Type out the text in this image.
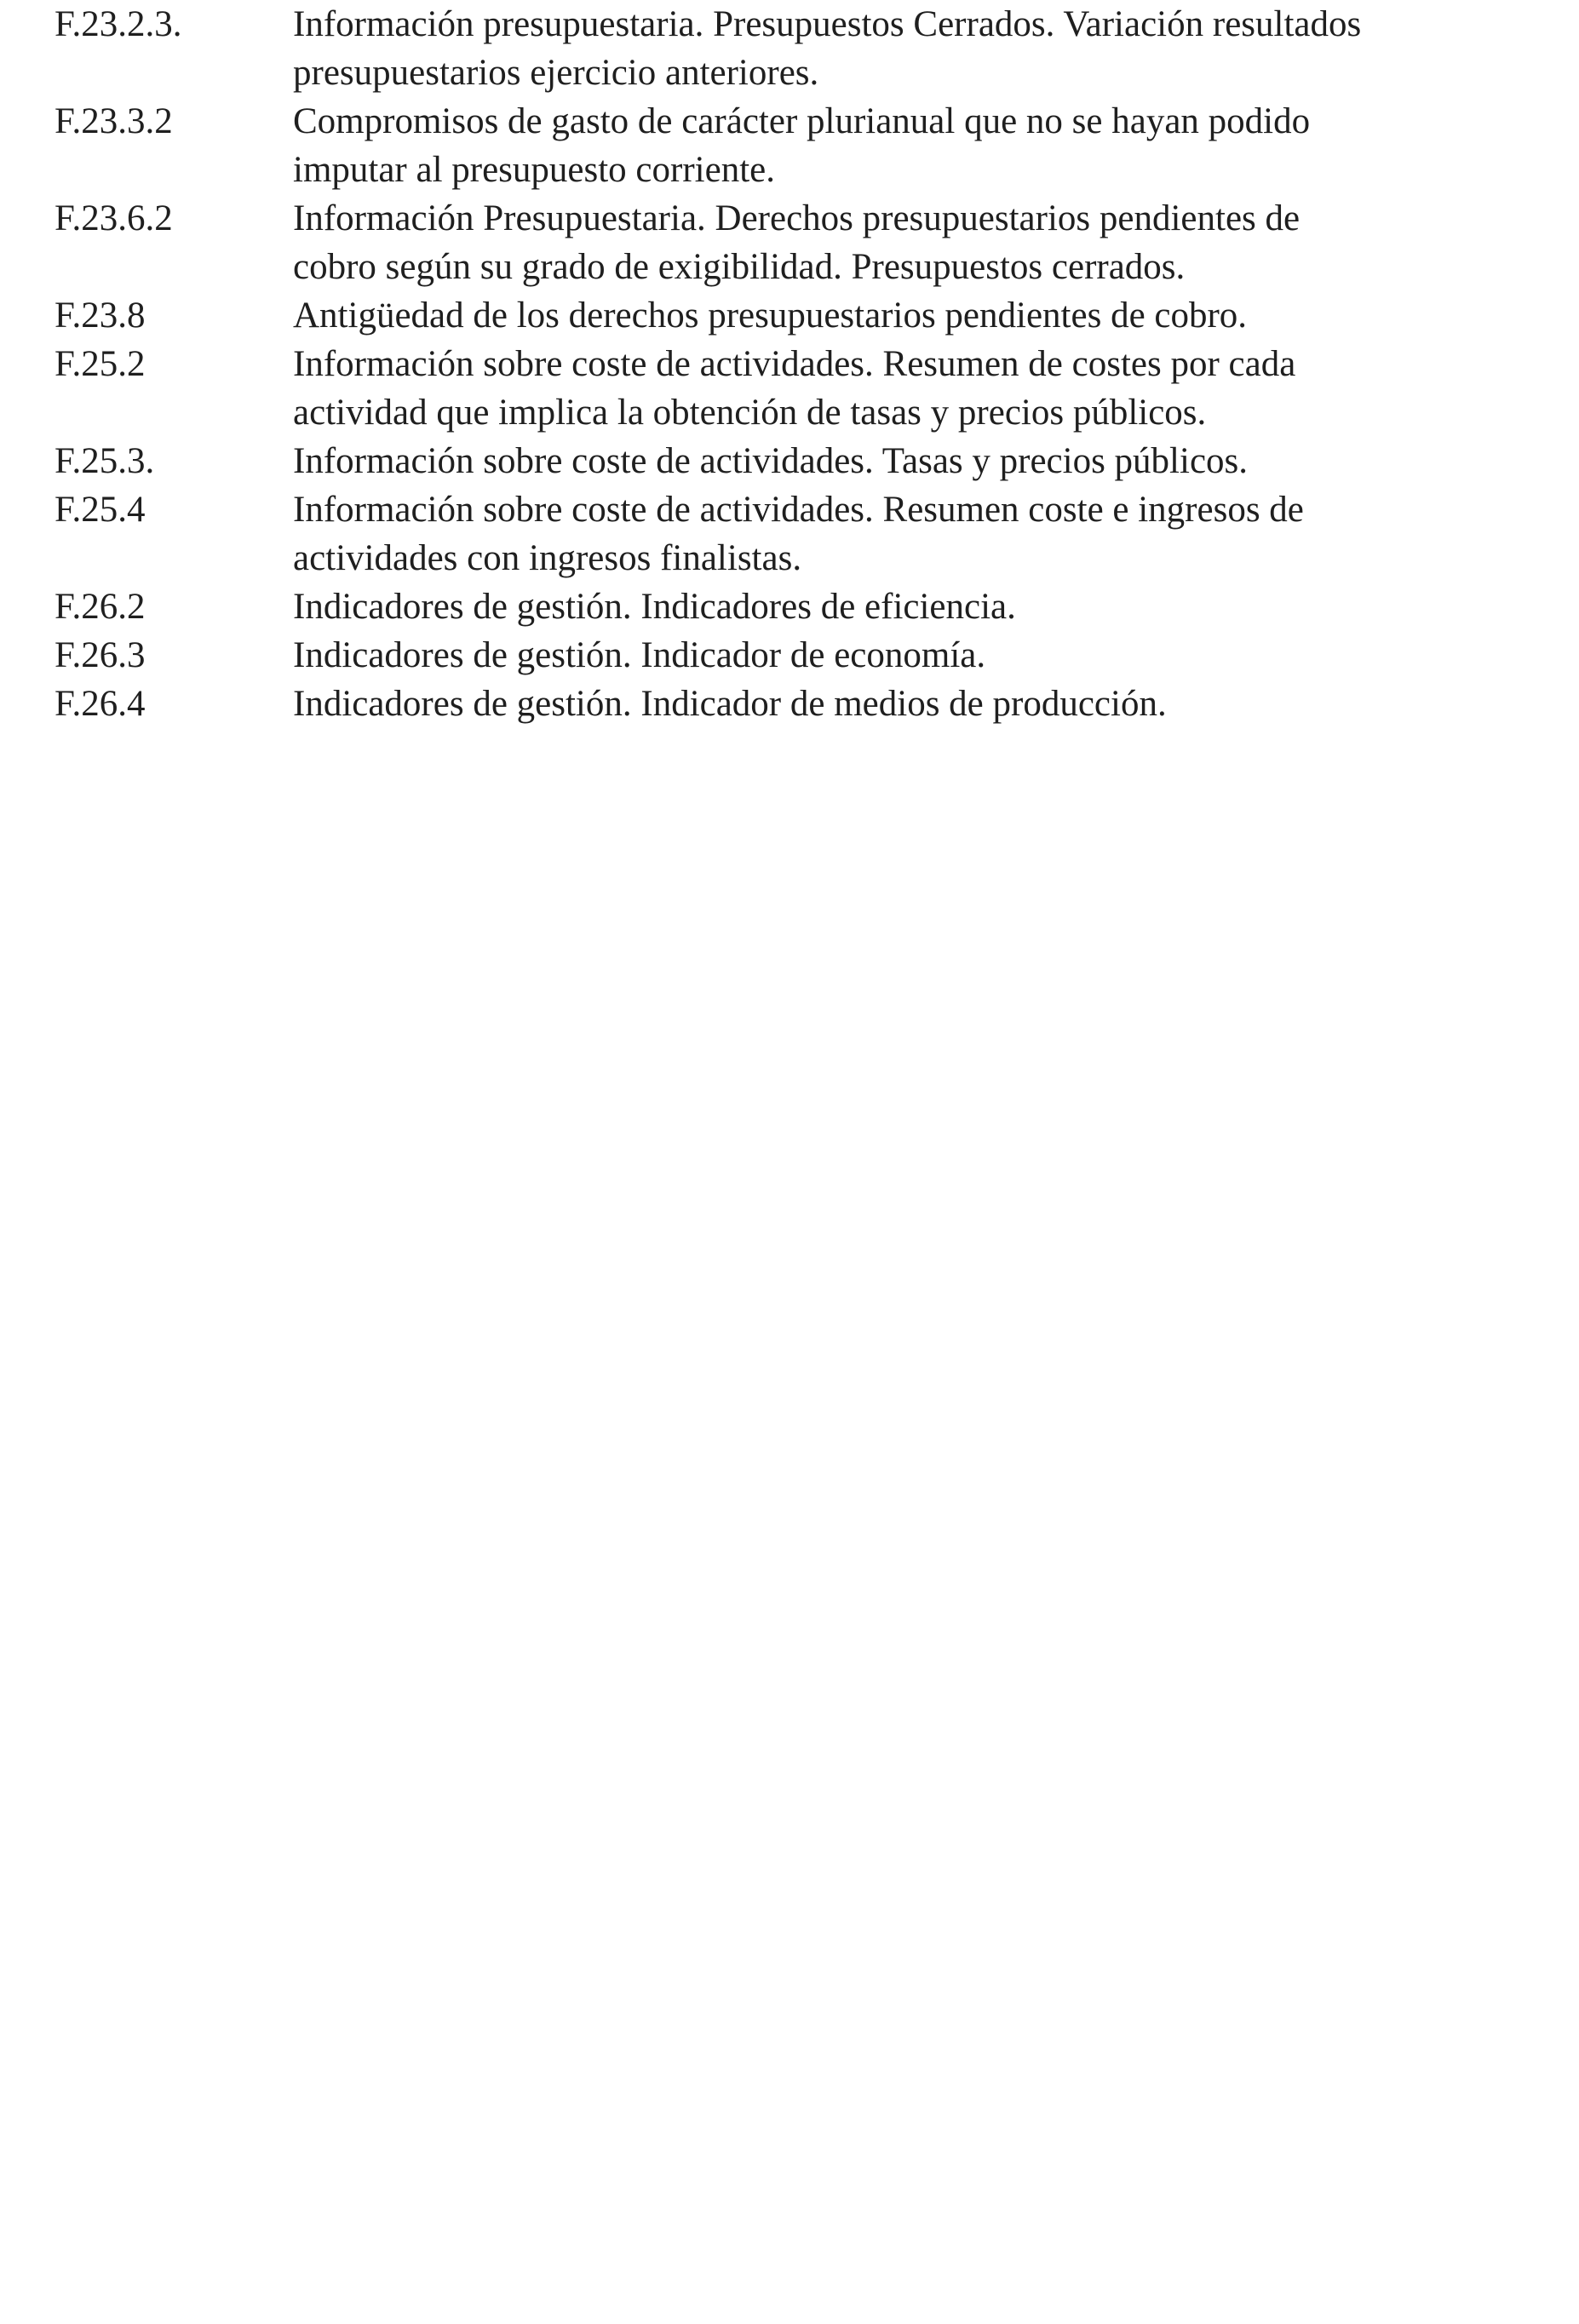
F.23.2.3.	Información presupuestaria. Presupuestos Cerrados. Variación resultados
presupuestarios ejercicio anteriores.
F.23.3.2	Compromisos de gasto de carácter plurianual que no se hayan podido
imputar al presupuesto corriente.
F.23.6.2	Información Presupuestaria. Derechos presupuestarios pendientes de
cobro según su grado de exigibilidad. Presupuestos cerrados.
F.23.8	Antigüedad de los derechos presupuestarios pendientes de cobro.
F.25.2	Información sobre coste de actividades. Resumen de costes por cada
actividad que implica la obtención de tasas y precios públicos.
F.25.3.	Información sobre coste de actividades. Tasas y precios públicos.
F.25.4	Información sobre coste de actividades. Resumen coste e ingresos de
actividades con ingresos finalistas.
F.26.2	Indicadores de gestión. Indicadores de eficiencia.
F.26.3	Indicadores de gestión. Indicador de economía.
F.26.4	Indicadores de gestión. Indicador de medios de producción.
